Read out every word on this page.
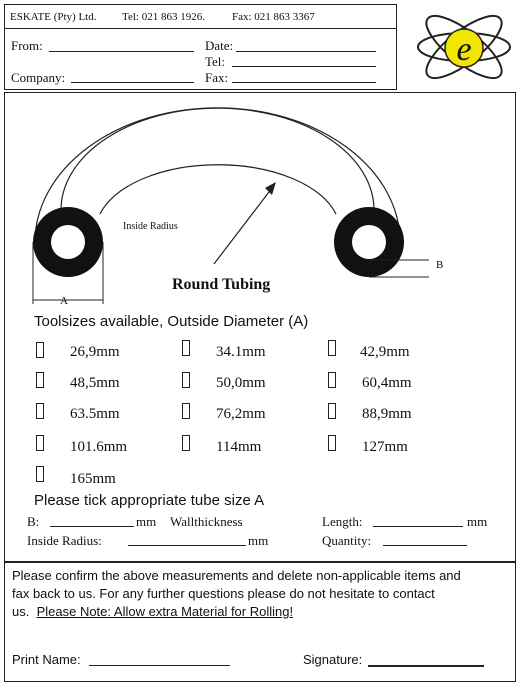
ESKATE (Pty) Ltd. Tel: 021 863 1926. Fax: 021 863 3367
From:	Date:
Tel:
Company:	Fax:
e
Inside Radius
A
B
Round Tubing
Toolsizes available, Outside Diameter (A)
26,9mm	34.1mm	42,9mm
48,5mm	50,0mm	60,4mm
63.5mm	76,2mm	88,9mm
101.6mm	114mm	127mm
165mm
Please tick appropriate tube size A
B:	mm Wallthickness	Length:	mm
Inside Radius:	mm	Quantity:
Please confirm the above measurements and delete non-applicable items and
fax back to us. For any further questions please do not hesitate to contact
us.  Please Note: Allow extra Material for Rolling!
Print Name:	Signature:
